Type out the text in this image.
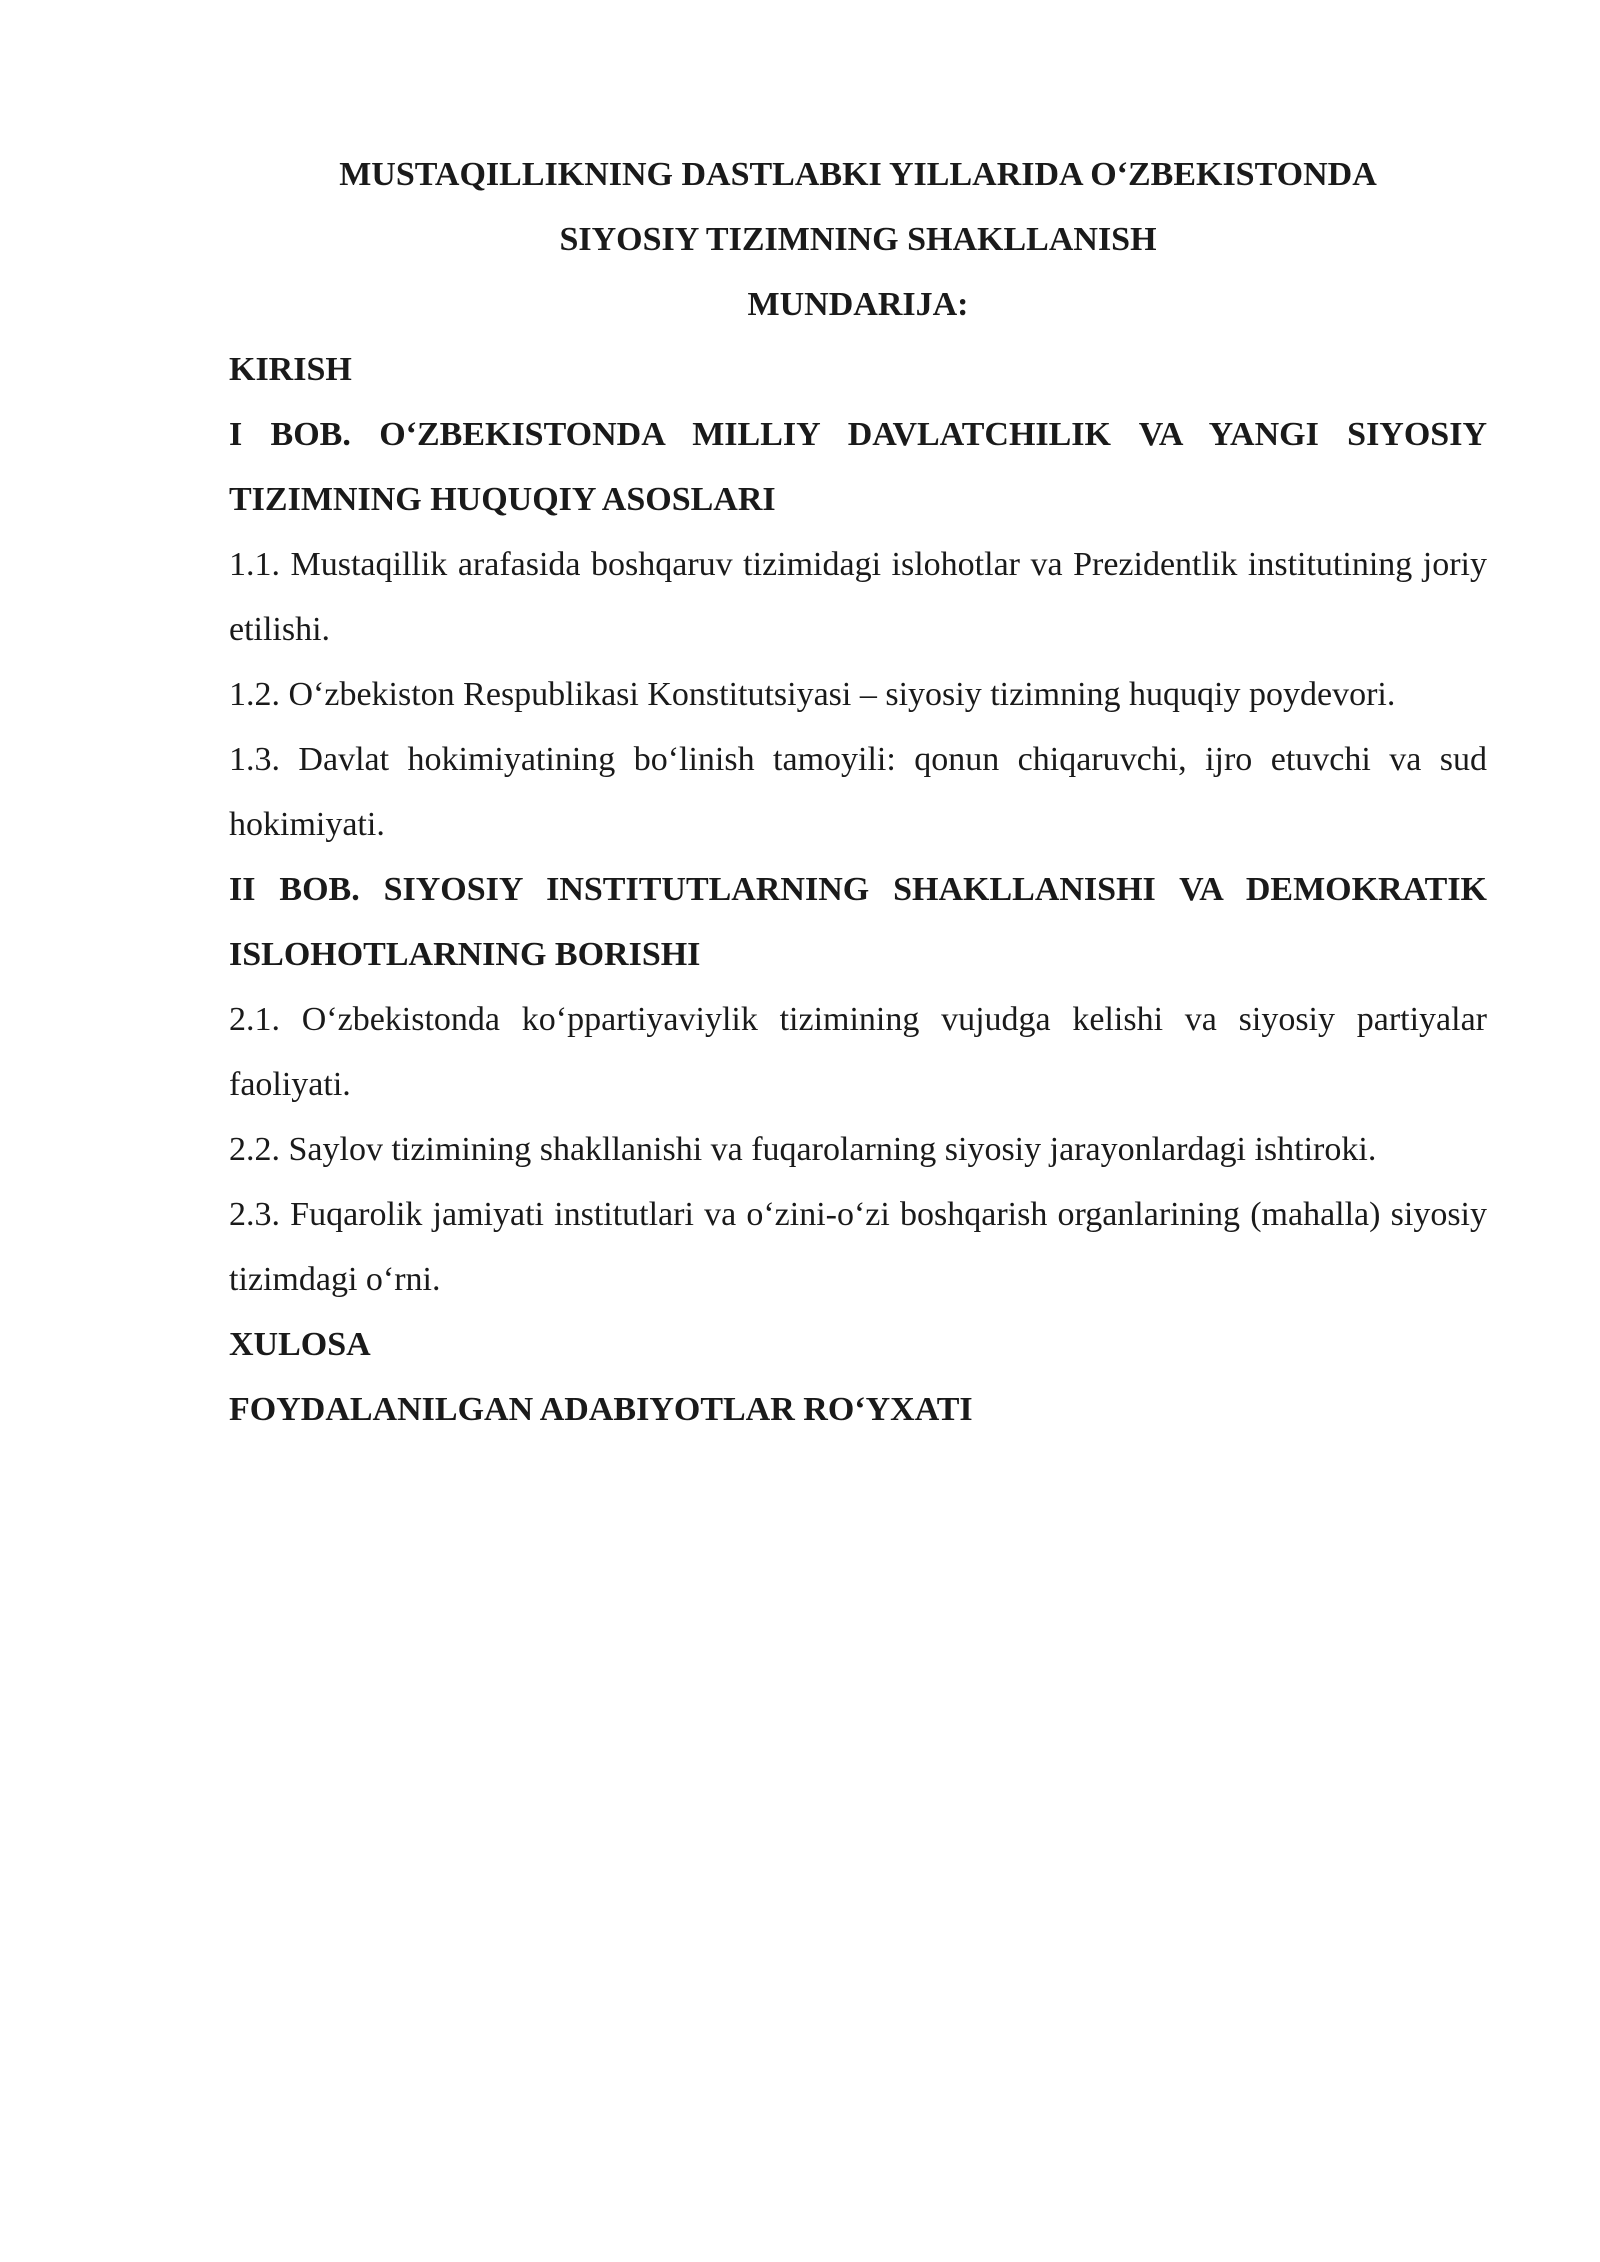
MUSTAQILLIKNING DASTLABKI YILLARIDA O‘ZBEKISTONDA

SIYOSIY TIZIMNING SHAKLLANISH

MUNDARIJA:

KIRISH

I BOB. O‘ZBEKISTONDA MILLIY DAVLATCHILIK VA YANGI SIYOSIY TIZIMNING HUQUQIY ASOSLARI

1.1. Mustaqillik arafasida boshqaruv tizimidagi islohotlar va Prezidentlik institutining joriy etilishi.

1.2. O‘zbekiston Respublikasi Konstitutsiyasi – siyosiy tizimning huquqiy poydevori.

1.3. Davlat hokimiyatining bo‘linish tamoyili: qonun chiqaruvchi, ijro etuvchi va sud hokimiyati.

II BOB. SIYOSIY INSTITUTLARNING SHAKLLANISHI VA DEMOKRATIK ISLOHOTLARNING BORISHI

2.1. O‘zbekistonda ko‘ppartiyaviylik tizimining vujudga kelishi va siyosiy partiyalar faoliyati.

2.2. Saylov tizimining shakllanishi va fuqarolarning siyosiy jarayonlardagi ishtiroki.

2.3. Fuqarolik jamiyati institutlari va o‘zini-o‘zi boshqarish organlarining (mahalla) siyosiy tizimdagi o‘rni.

XULOSA

FOYDALANILGAN ADABIYOTLAR RO‘YXATI
